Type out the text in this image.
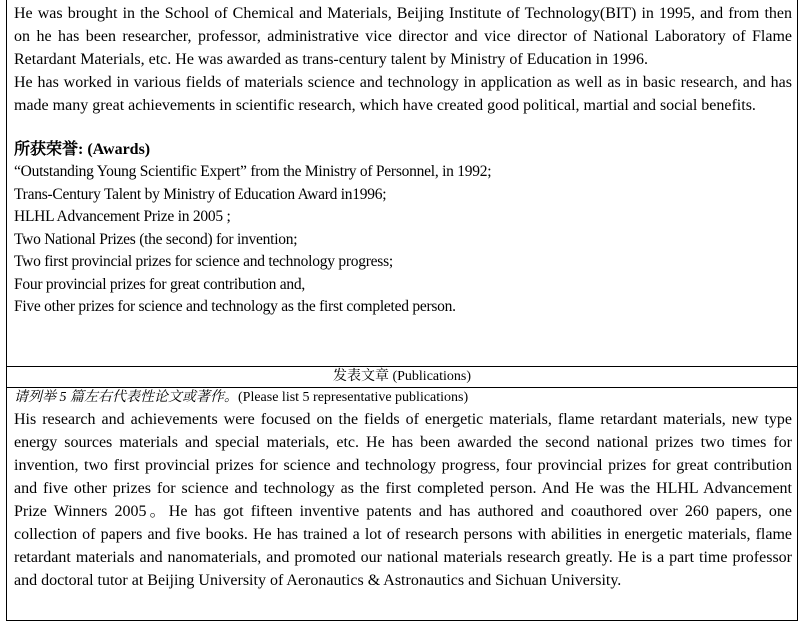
He was brought in the School of Chemical and Materials, Beijing Institute of Technology(BIT) in 1995, and from then on he has been researcher, professor, administrative vice director and vice director of National Laboratory of Flame Retardant Materials, etc. He was awarded as trans-century talent by Ministry of Education in 1996.

He has worked in various fields of materials science and technology in application as well as in basic research, and has made many great achievements in scientific research, which have created good political, martial and social benefits.

所获荣誉: (Awards)

“Outstanding Young Scientific Expert” from the Ministry of Personnel, in 1992;
Trans-Century Talent by Ministry of Education Award in1996;
HLHL Advancement Prize in 2005 ;
Two National Prizes (the second) for invention;
Two first provincial prizes for science and technology progress;
Four provincial prizes for great contribution and,
Five other prizes for science and technology as the first completed person.
发表文章 (Publications)

请列举 5 篇左右代表性论文或著作。(Please list 5 representative publications)

His research and achievements were focused on the fields of energetic materials, flame retardant materials, new type energy sources materials and special materials, etc. He has been awarded the second national prizes two times for invention, two first provincial prizes for science and technology progress, four provincial prizes for great contribution and five other prizes for science and technology as the first completed person. And He was the HLHL Advancement Prize Winners 2005。He has got fifteen inventive patents and has authored and coauthored over 260 papers, one collection of papers and five books. He has trained a lot of research persons with abilities in energetic materials, flame retardant materials and nanomaterials, and promoted our national materials research greatly. He is a part time professor and doctoral tutor at Beijing University of Aeronautics & Astronautics and Sichuan University.
